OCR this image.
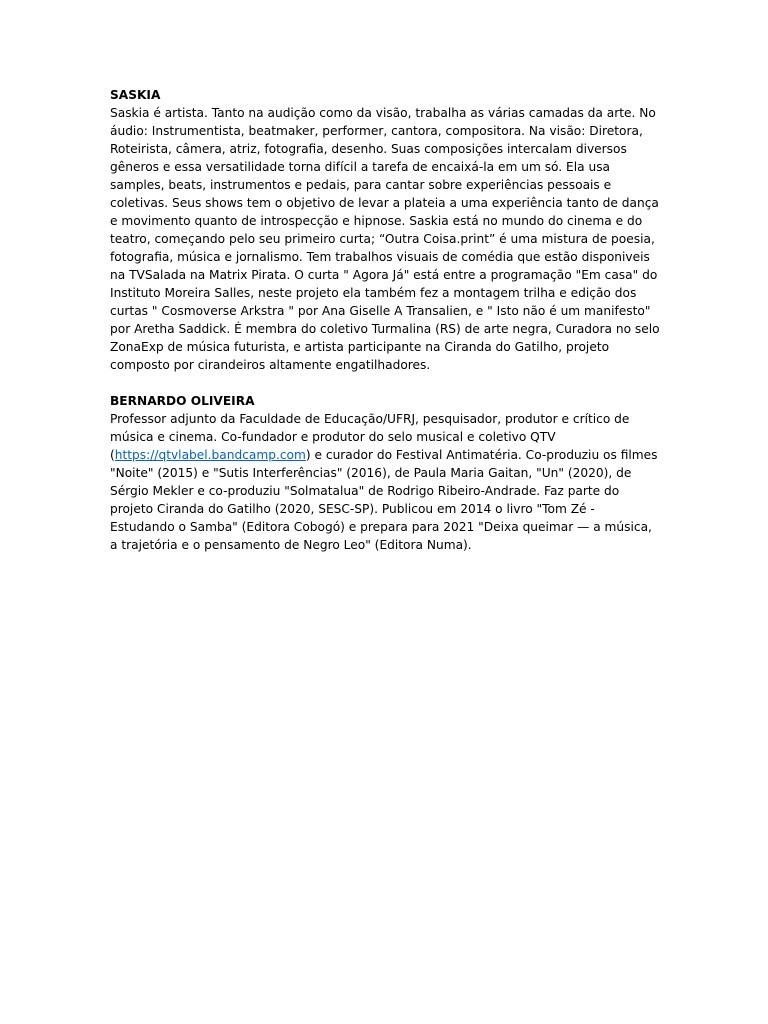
SASKIA

Saskia é artista. Tanto na audição como da visão, trabalha as várias camadas da arte. No áudio: Instrumentista, beatmaker, performer, cantora, compositora. Na visão: Diretora, Roteirista, câmera, atriz, fotografia, desenho. Suas composições intercalam diversos gêneros e essa versatilidade torna difícil a tarefa de encaixá-la em um só. Ela usa samples, beats, instrumentos e pedais, para cantar sobre experiências pessoais e coletivas. Seus shows tem o objetivo de levar a plateia a uma experiência tanto de dança e movimento quanto de introspecção e hipnose. Saskia está no mundo do cinema e do teatro, começando pelo seu primeiro curta; “Outra Coisa.print” é uma mistura de poesia, fotografia, música e jornalismo. Tem trabalhos visuais de comédia que estão disponiveis na TVSalada na Matrix Pirata. O curta " Agora Já" está entre a programação "Em casa" do Instituto Moreira Salles, neste projeto ela também fez a montagem trilha e edição dos curtas " Cosmoverse Arkstra " por Ana Giselle A Transalien, e " Isto não é um manifesto" por Aretha Saddick. É membra do coletivo Turmalina (RS) de arte negra, Curadora no selo ZonaExp de música futurista, e artista participante na Ciranda do Gatilho, projeto composto por cirandeiros altamente engatilhadores.

BERNARDO OLIVEIRA

Professor adjunto da Faculdade de Educação/UFRJ, pesquisador, produtor e crítico de música e cinema. Co-fundador e produtor do selo musical e coletivo QTV (https://qtvlabel.bandcamp.com) e curador do Festival Antimatéria. Co-produziu os filmes "Noite" (2015) e "Sutis Interferências" (2016), de Paula Maria Gaitan, "Un" (2020), de Sérgio Mekler e co-produziu "Solmatalua" de Rodrigo Ribeiro-Andrade. Faz parte do projeto Ciranda do Gatilho (2020, SESC-SP). Publicou em 2014 o livro "Tom Zé - Estudando o Samba" (Editora Cobogó) e prepara para 2021 "Deixa queimar — a música, a trajetória e o pensamento de Negro Leo" (Editora Numa).
